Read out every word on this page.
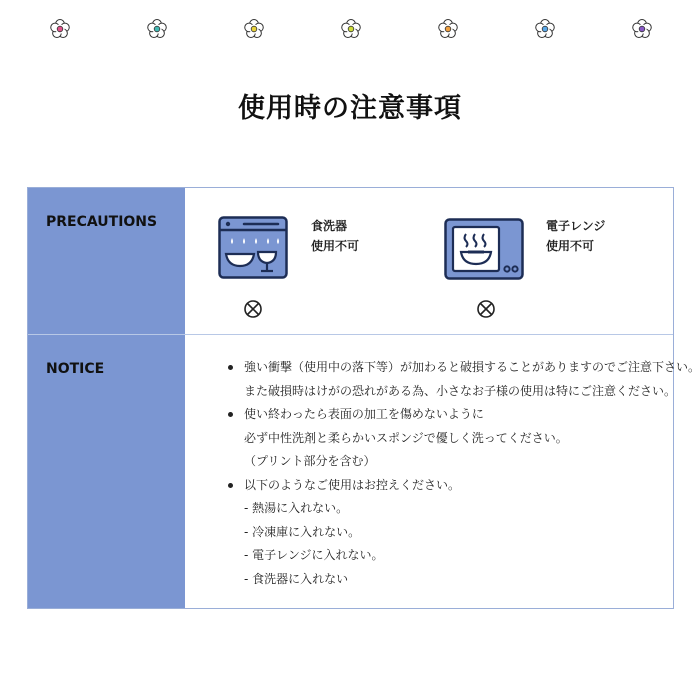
使用時の注意事項
PRECAUTIONS	食洗器
使用不可
電子レンジ
使用不可
NOTICE	強い衝撃（使用中の落下等）が加わると破損することがありますのでご注意下さい。
また破損時はけがの恐れがある為、小さなお子様の使用は特にご注意ください。
使い終わったら表面の加工を傷めないように
必ず中性洗剤と柔らかいスポンジで優しく洗ってください。
（プリント部分を含む）
以下のようなご使用はお控えください。
- 熱湯に入れない。
- 冷凍庫に入れない。
- 電子レンジに入れない。
- 食洗器に入れない
